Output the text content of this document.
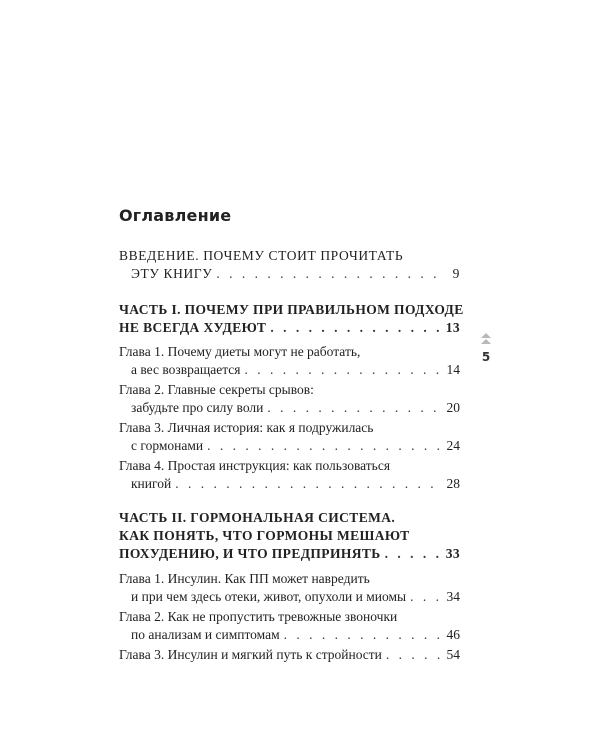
Оглавление
ВВЕДЕНИЕ. ПОЧЕМУ СТОИТ ПРОЧИТАТЬ
ЭТУ КНИГУ . . .	9
ЧАСТЬ I. ПОЧЕМУ ПРИ ПРАВИЛЬНОМ ПОДХОДЕ
НЕ ВСЕГДА ХУДЕЮТ . . .	13
Глава 1. Почему диеты могут не работать,
а вес возвращается . . .	14
Глава 2. Главные секреты срывов:
забудьте про силу воли . . .	20
Глава 3. Личная история: как я подружилась
с гормонами . . .	24
Глава 4. Простая инструкция: как пользоваться
книгой . . .	28
ЧАСТЬ II. ГОРМОНАЛЬНАЯ СИСТЕМА.
КАК ПОНЯТЬ, ЧТО ГОРМОНЫ МЕШАЮТ
ПОХУДЕНИЮ, И ЧТО ПРЕДПРИНЯТЬ . . .	33
Глава 1. Инсулин. Как ПП может навредить
и при чем здесь отеки, живот, опухоли и миомы . . .	34
Глава 2. Как не пропустить тревожные звоночки
по анализам и симптомам . . .	46
Глава 3. Инсулин и мягкий путь к стройности . . .	54
5
